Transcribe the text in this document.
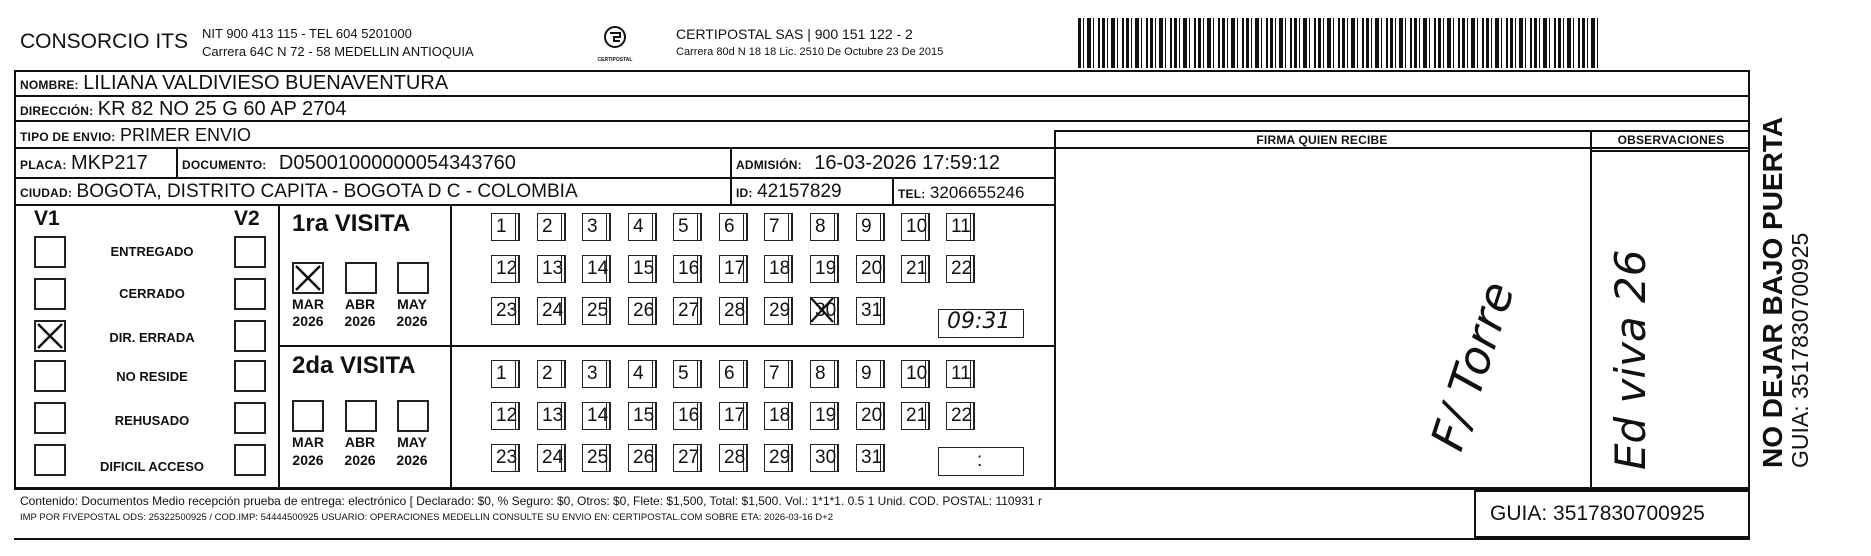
CONSORCIO ITS NIT 900 413 115 - TEL 604 5201000
Carrera 64C N 72 - 58 MEDELLIN ANTIOQUIA
CERTIPOSTAL
CERTIPOSTAL SAS | 900 151 122 - 2
Carrera 80d N 18 18 Lic. 2510 De Octubre 23 De 2015
NOMBRE: LILIANA VALDIVIESO BUENAVENTURA
DIRECCIÓN: KR 82 NO 25 G 60 AP 2704
TIPO DE ENVIO: PRIMER ENVIO
PLACA: MKP217	DOCUMENTO: D05001000000054343760	ADMISIÓN: 16-03-2026 17:59:12
CIUDAD: BOGOTA, DISTRITO CAPITA - BOGOTA D C - COLOMBIA	ID: 42157829	TEL: 3206655246
FIRMA QUIEN RECIBE	OBSERVACIONES
V1	V2
ENTREGADO
CERRADO
DIR. ERRADA
NO RESIDE
REHUSADO
DIFICIL ACCESO
1ra VISITA
MAR	ABR	MAY
2026	2026	2026
2da VISITA
MAR	ABR	MAY
2026	2026	2026
09:31
:
F/ Torre Ed viva 26
Contenido: Documentos Medio recepción prueba de entrega: electrónico [ Declarado: $0, % Seguro: $0, Otros: $0, Flete: $1,500, Total: $1,500. Vol.: 1*1*1. 0.5 1 Unid. COD. POSTAL: 110931 r
IMP POR FIVEPOSTAL ODS: 25322500925 / COD.IMP: 54444500925 USUARIO: OPERACIONES MEDELLIN CONSULTE SU ENVIO EN: CERTIPOSTAL.COM SOBRE ETA: 2026-03-16 D+2	GUIA: 3517830700925
NO DEJAR BAJO PUERTA GUIA: 3517830700925
1	2	3	4	5	6	7	8	9	10 11
12 13 14 15 16 17 18 19 20 21 22
23 24 25 26 27 28 29 30 31
1	2	3	4	5	6	7	8	9	10 11
12 13 14 15 16 17 18 19 20 21 22
23 24 25 26 27 28 29 30 31
